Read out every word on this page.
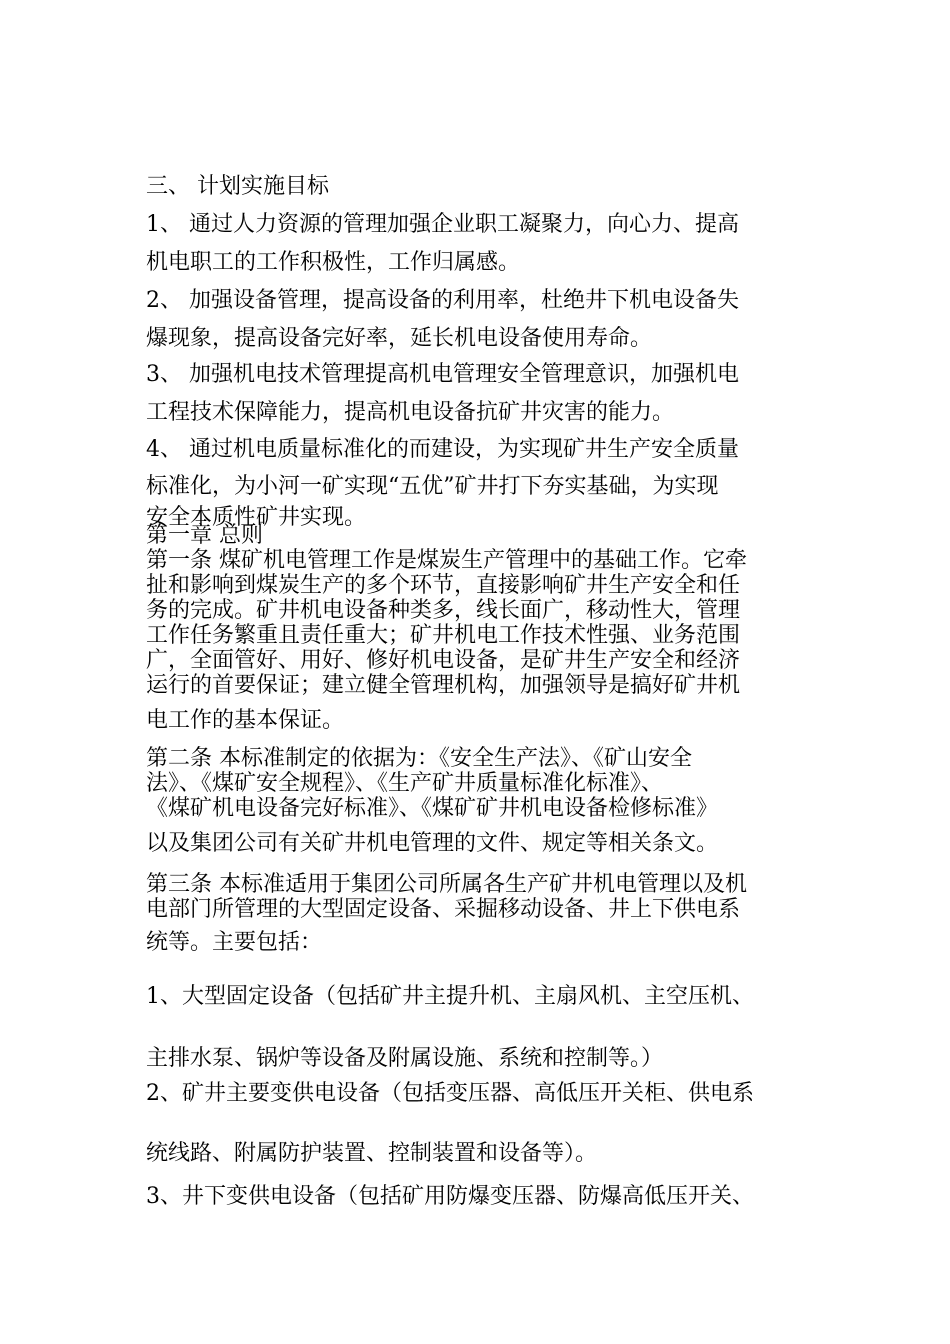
三、 计划实施目标

1、 通过人力资源的管理加强企业职工凝聚力，向心力、提高
机电职工的工作积极性，工作归属感。

2、 加强设备管理，提高设备的利用率，杜绝井下机电设备失
爆现象，提高设备完好率，延长机电设备使用寿命。

3、 加强机电技术管理提高机电管理安全管理意识，加强机电
工程技术保障能力，提高机电设备抗矿井灾害的能力。

4、 通过机电质量标准化的而建设，为实现矿井生产安全质量
标准化，为小河一矿实现“五优”矿井打下夯实基础，为实现
安全本质性矿井实现。

第一章 总则

第一条 煤矿机电管理工作是煤炭生产管理中的基础工作。它牵
扯和影响到煤炭生产的多个环节，直接影响矿井生产安全和任
务的完成。矿井机电设备种类多，线长面广，移动性大，管理
工作任务繁重且责任重大；矿井机电工作技术性强、业务范围
广，全面管好、用好、修好机电设备，是矿井生产安全和经济
运行的首要保证；建立健全管理机构，加强领导是搞好矿井机

电工作的基本保证。

第二条 本标准制定的依据为：《安全生产法》、《矿山安全
法》、《煤矿安全规程》、《生产矿井质量标准化标准》、
《煤矿机电设备完好标准》、《煤矿矿井机电设备检修标准》

以及集团公司有关矿井机电管理的文件、规定等相关条文。

第三条 本标准适用于集团公司所属各生产矿井机电管理以及机
电部门所管理的大型固定设备、采掘移动设备、井上下供电系

统等。主要包括：

1、大型固定设备（包括矿井主提升机、主扇风机、主空压机、
主排水泵、锅炉等设备及附属设施、系统和控制等。）

2、矿井主要变供电设备（包括变压器、高低压开关柜、供电系
统线路、附属防护装置、控制装置和设备等）。

3、井下变供电设备（包括矿用防爆变压器、防爆高低压开关、
